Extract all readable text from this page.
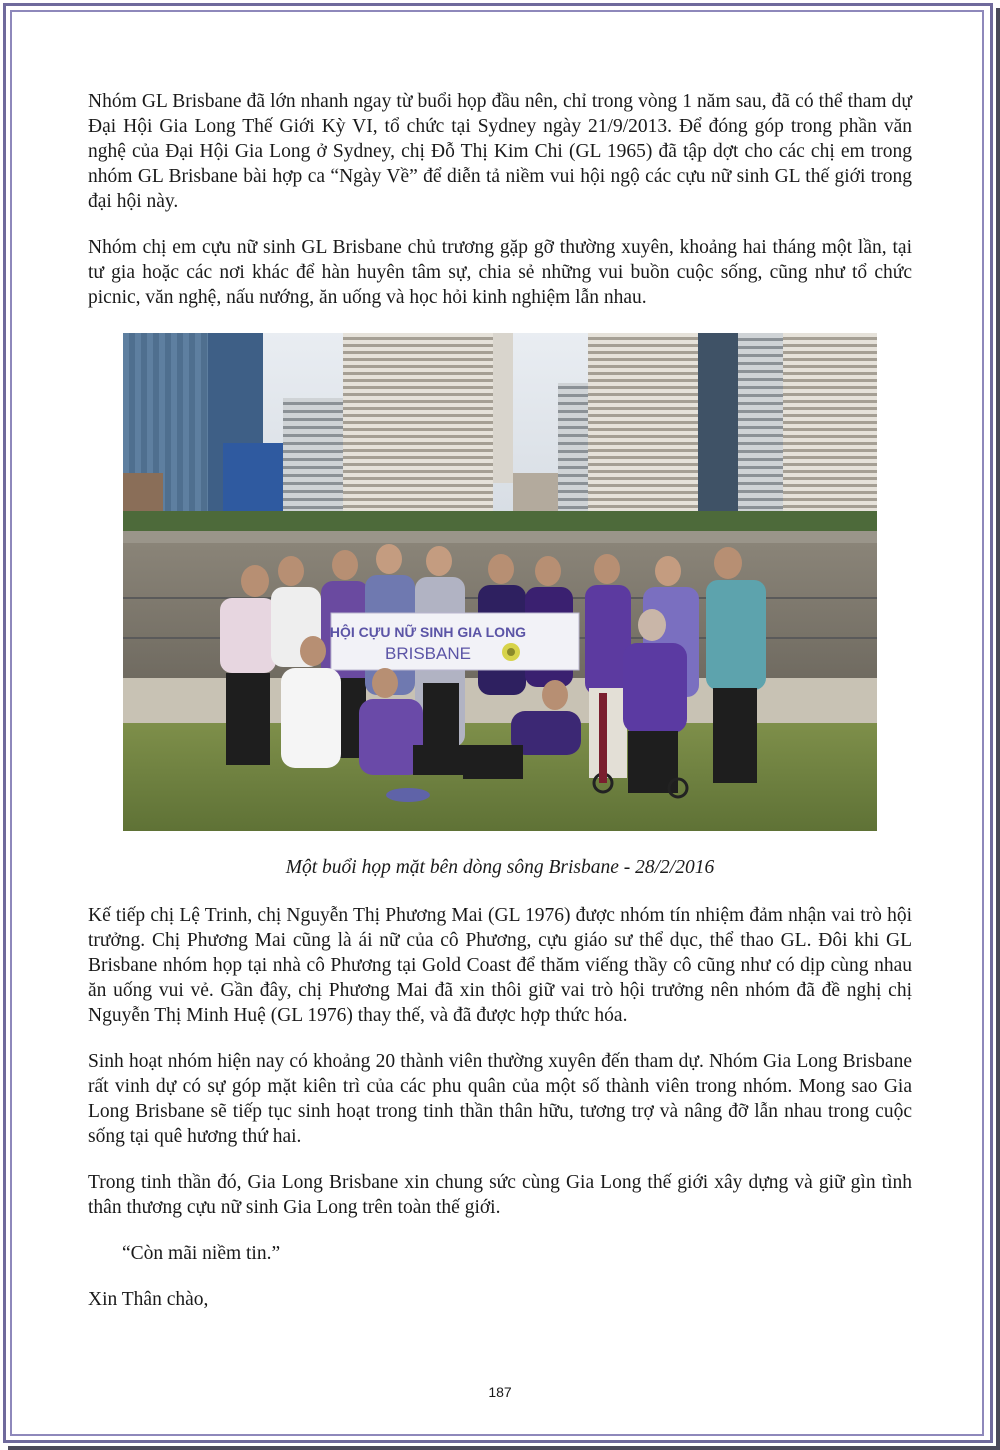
Nhóm GL Brisbane đã lớn nhanh ngay từ buổi họp đầu nên, chỉ trong vòng 1 năm sau, đã có thể tham dự Đại Hội Gia Long Thế Giới Kỳ VI, tổ chức tại Sydney ngày 21/9/2013. Để đóng góp trong phần văn nghệ của Đại Hội Gia Long ở Sydney, chị Đỗ Thị Kim Chi (GL 1965) đã tập dợt cho các chị em trong nhóm GL Brisbane bài hợp ca “Ngày Về” để diễn tả niềm vui hội ngộ các cựu nữ sinh GL thế giới trong đại hội này.

Nhóm chị em cựu nữ sinh GL Brisbane chủ trương gặp gỡ thường xuyên, khoảng hai tháng một lần, tại tư gia hoặc các nơi khác để hàn huyên tâm sự, chia sẻ những vui buồn cuộc sống, cũng như tổ chức picnic, văn nghệ, nấu nướng, ăn uống và học hỏi kinh nghiệm lẫn nhau.

HỘI CỰU NỮ SINH GIA LONG
BRISBANE
Một buổi họp mặt bên dòng sông Brisbane - 28/2/2016

Kế tiếp chị Lệ Trinh, chị Nguyễn Thị Phương Mai (GL 1976) được nhóm tín nhiệm đảm nhận vai trò hội trưởng. Chị Phương Mai cũng là ái nữ của cô Phương, cựu giáo sư thể dục, thể thao GL. Đôi khi GL Brisbane nhóm họp tại nhà cô Phương tại Gold Coast để thăm viếng thầy cô cũng như có dịp cùng nhau ăn uống vui vẻ. Gần đây, chị Phương Mai đã xin thôi giữ vai trò hội trưởng nên nhóm đã đề nghị chị Nguyễn Thị Minh Huệ (GL 1976) thay thế, và đã được hợp thức hóa.

Sinh hoạt nhóm hiện nay có khoảng 20 thành viên thường xuyên đến tham dự. Nhóm Gia Long Brisbane rất vinh dự có sự góp mặt kiên trì của các phu quân của một số thành viên trong nhóm. Mong sao Gia Long Brisbane sẽ tiếp tục sinh hoạt trong tinh thần thân hữu, tương trợ và nâng đỡ lẫn nhau trong cuộc sống tại quê hương thứ hai.

Trong tinh thần đó, Gia Long Brisbane xin chung sức cùng Gia Long thế giới xây dựng và giữ gìn tình thân thương cựu nữ sinh Gia Long trên toàn thế giới.

“Còn mãi niềm tin.”

Xin Thân chào,

187
